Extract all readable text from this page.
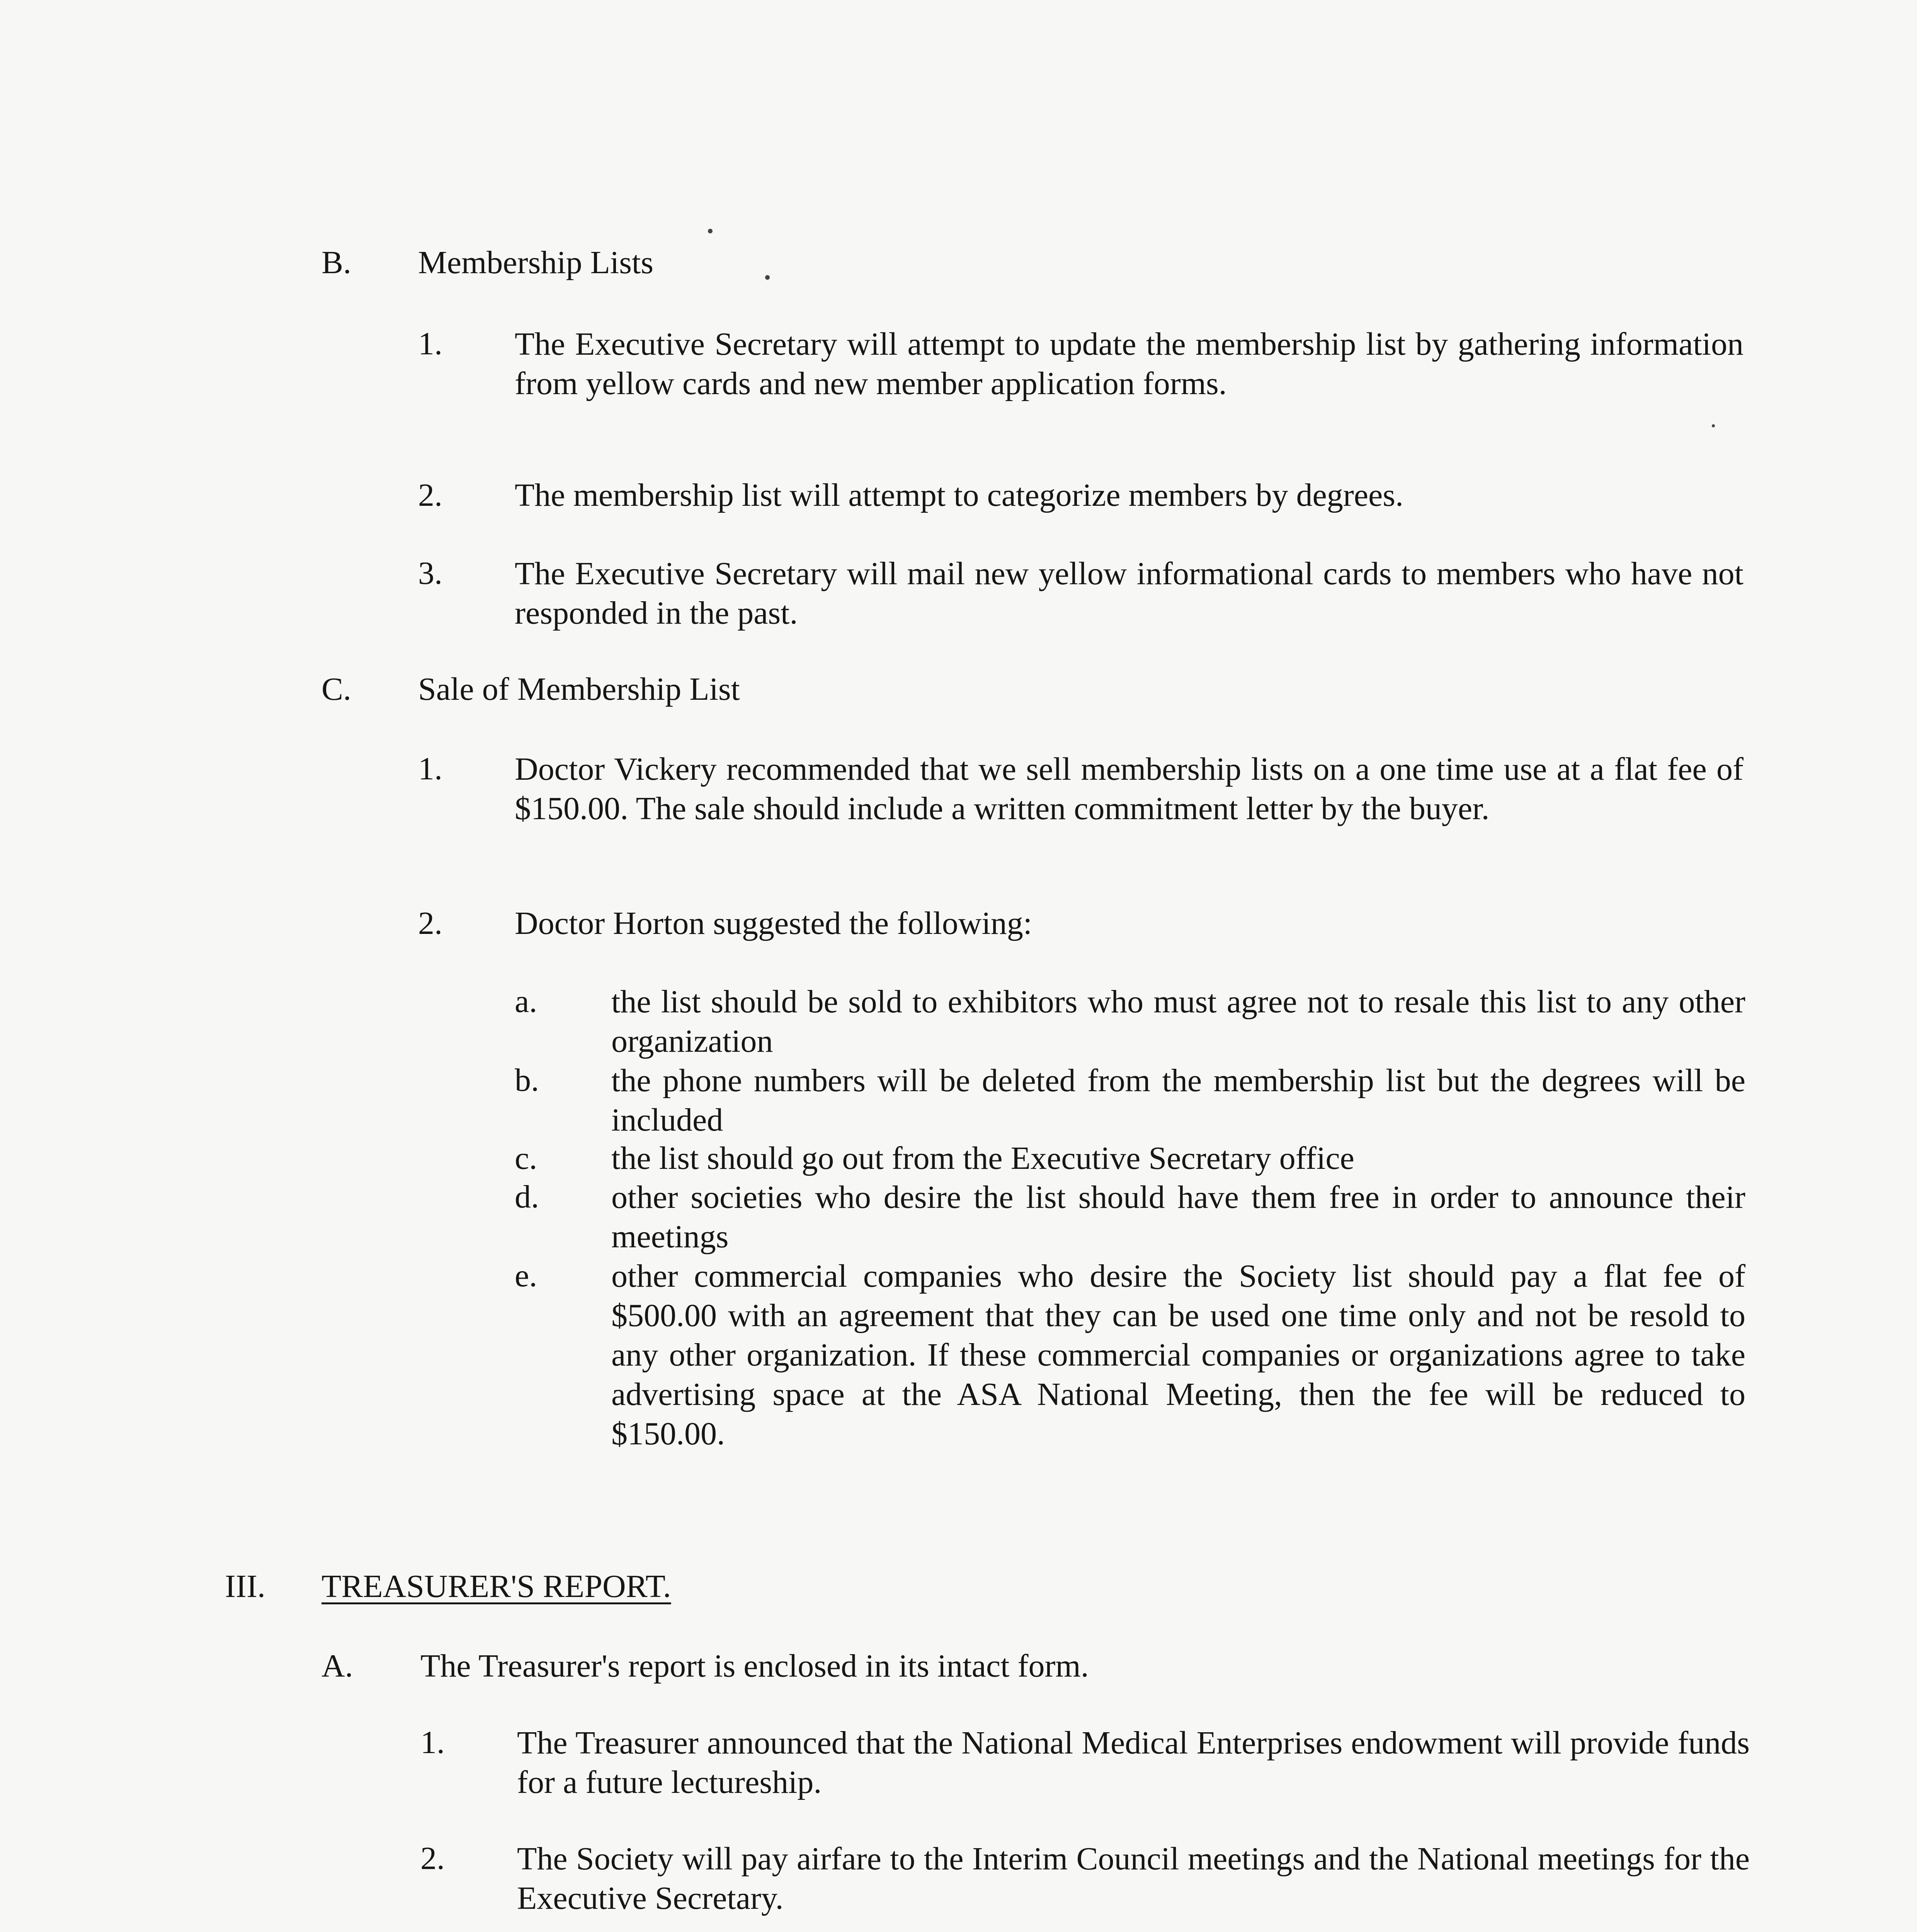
B. Membership Lists
1. The Executive Secretary will attempt to update the membership list by gathering information from yellow cards and new member application forms.
2. The membership list will attempt to categorize members by degrees.
3. The Executive Secretary will mail new yellow informational cards to members who have not responded in the past.
C. Sale of Membership List
1. Doctor Vickery recommended that we sell membership lists on a one time use at a flat fee of $150.00. The sale should include a written commitment letter by the buyer.
2. Doctor Horton suggested the following:
a. the list should be sold to exhibitors who must agree not to resale this list to any other organization
b. the phone numbers will be deleted from the membership list but the degrees will be included
c. the list should go out from the Executive Secretary office
d. other societies who desire the list should have them free in order to announce their meetings
e. other commercial companies who desire the Society list should pay a flat fee of $500.00 with an agreement that they can be used one time only and not be resold to any other organization. If these commercial companies or organizations agree to take advertising space at the ASA National Meeting, then the fee will be reduced to $150.00.
III. TREASURER'S REPORT.
A. The Treasurer's report is enclosed in its intact form.
1. The Treasurer announced that the National Medical Enterprises endowment will provide funds for a future lectureship.
2. The Society will pay airfare to the Interim Council meetings and the National meetings for the Executive Secretary.
